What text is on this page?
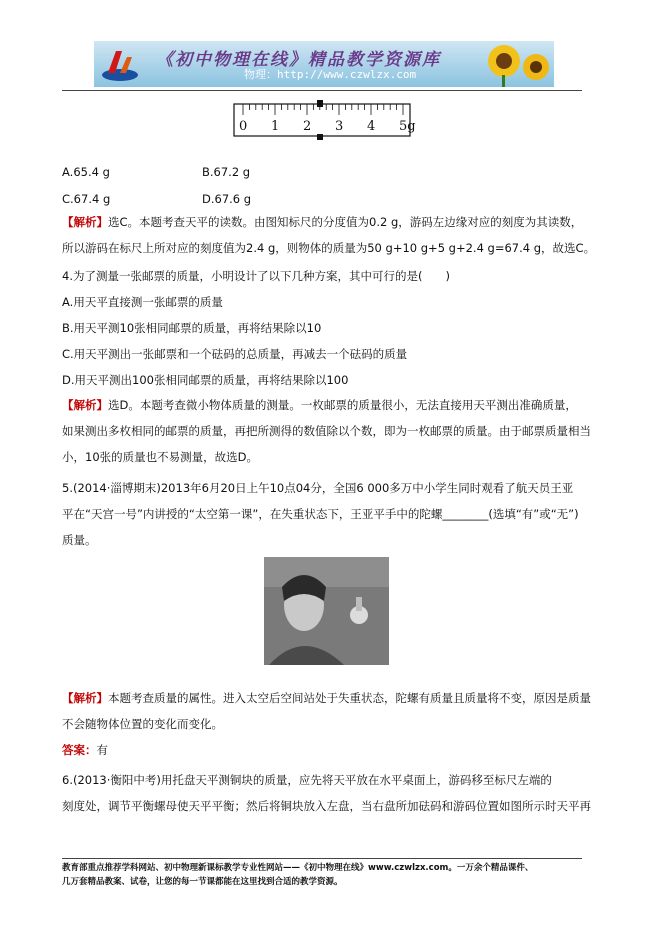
《初中物理在线》精品教学资源库
物理：http://www.czwlzx.com
0 1 2 3 4 5g
A.65.4 g	B.67.2 g
C.67.4 g	D.67.6 g
【解析】选C。本题考查天平的读数。由图知标尺的分度值为0.2 g，游码左边缘对应的刻度为其读数，
所以游码在标尺上所对应的刻度值为2.4 g，则物体的质量为50 g+10 g+5 g+2.4 g=67.4 g，故选C。
4.为了测量一张邮票的质量，小明设计了以下几种方案，其中可行的是(　　)
A.用天平直接测一张邮票的质量
B.用天平测10张相同邮票的质量，再将结果除以10
C.用天平测出一张邮票和一个砝码的总质量，再减去一个砝码的质量
D.用天平测出100张相同邮票的质量，再将结果除以100
【解析】选D。本题考查微小物体质量的测量。一枚邮票的质量很小，无法直接用天平测出准确质量，
如果测出多枚相同的邮票的质量，再把所测得的数值除以个数，即为一枚邮票的质量。由于邮票质量相当
小，10张的质量也不易测量，故选D。
5.(2014·淄博期末)2013年6月20日上午10点04分，全国6 000多万中小学生同时观看了航天员王亚
平在“天宫一号”内讲授的“太空第一课”，在失重状态下，王亚平手中的陀螺________(选填“有”或“无”)
质量。
【解析】本题考查质量的属性。进入太空后空间站处于失重状态，陀螺有质量且质量将不变，原因是质量
不会随物体位置的变化而变化。
答案：有
6.(2013·衡阳中考)用托盘天平测铜块的质量，应先将天平放在水平桌面上，游码移至标尺左端的
刻度处，调节平衡螺母使天平平衡；然后将铜块放入左盘，当右盘所加砝码和游码位置如图所示时天平再
教育部重点推荐学科网站、初中物理新课标教学专业性网站——《初中物理在线》www.czwlzx.com。一万余个精品课件、
几万套精品教案、试卷，让您的每一节课都能在这里找到合适的教学资源。
